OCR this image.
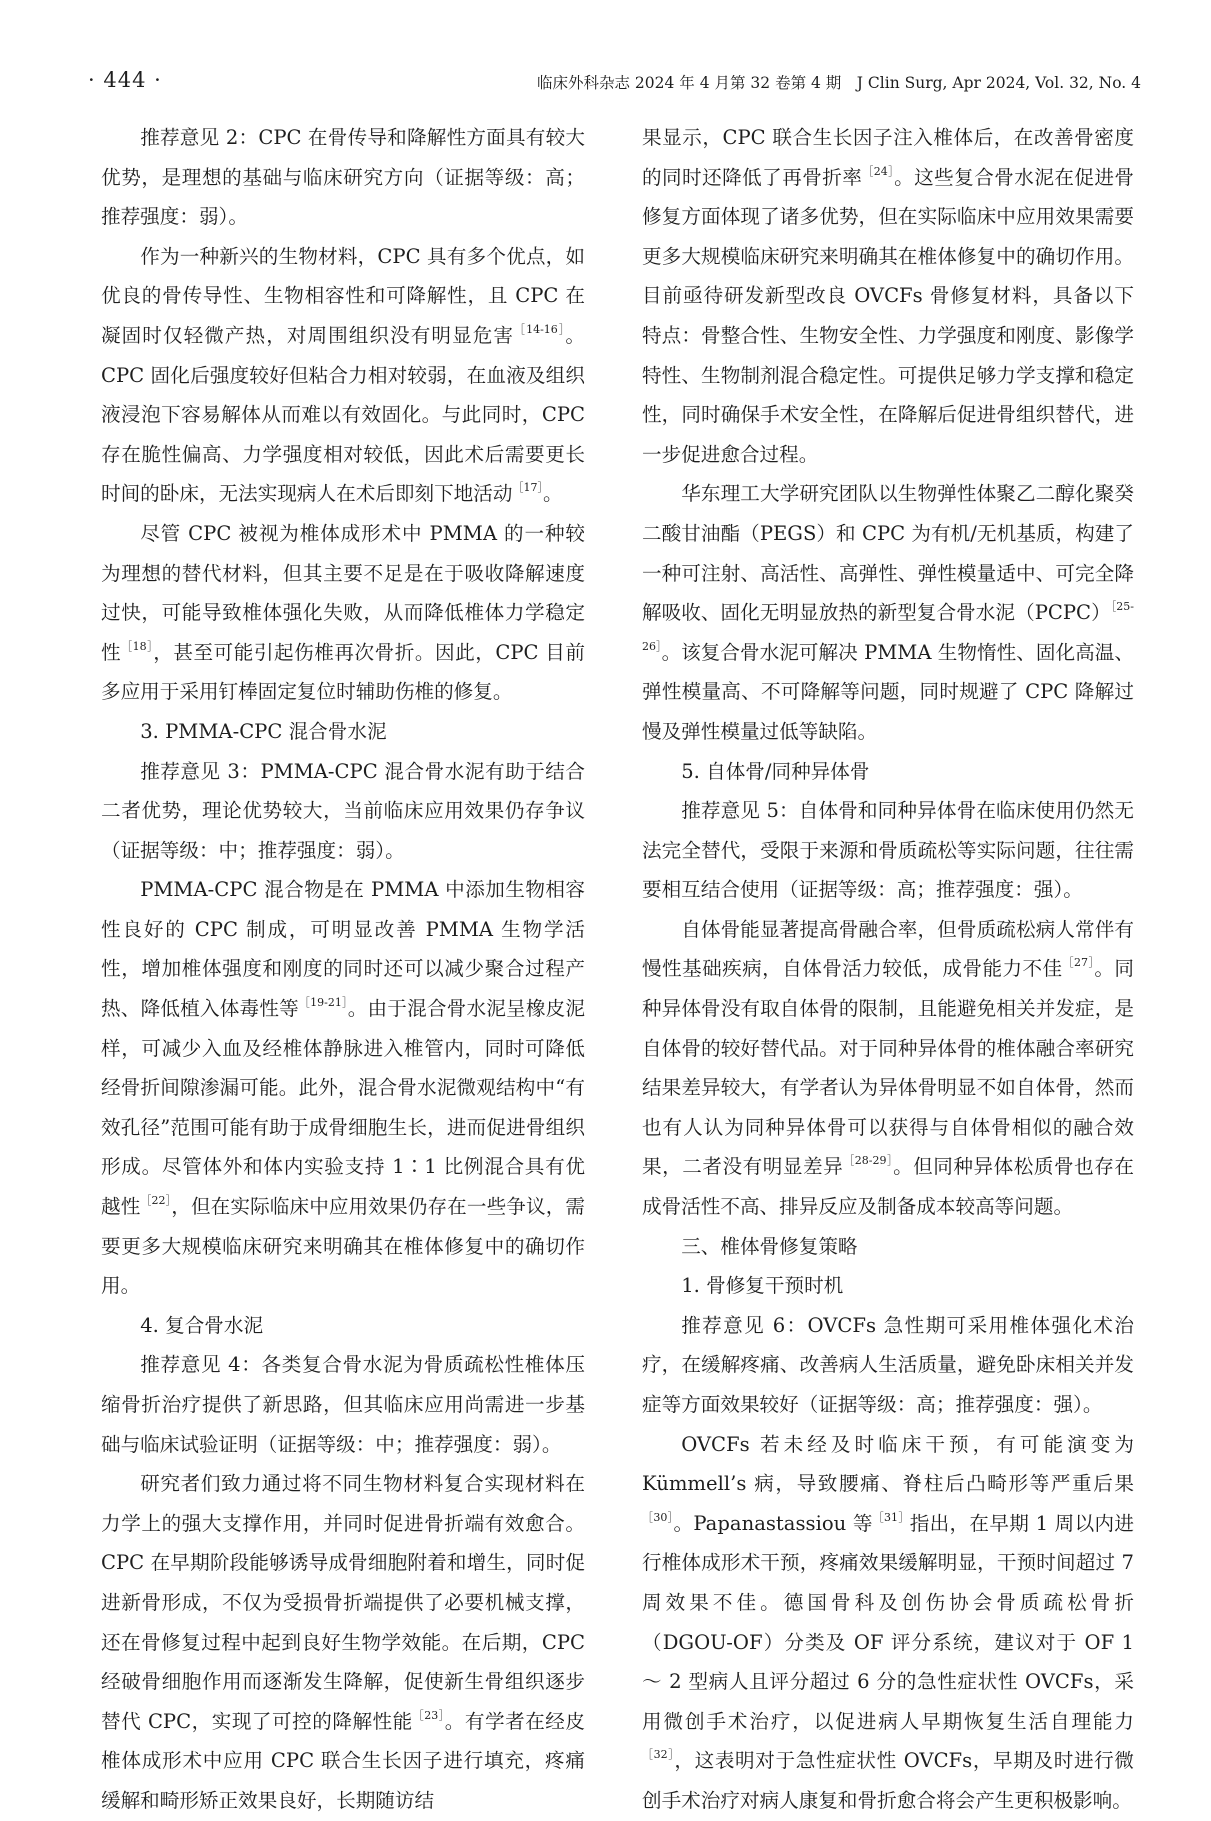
· 444 ·	临床外科杂志 2024 年 4 月第 32 卷第 4 期　J Clin Surg, Apr 2024, Vol. 32, No. 4

推荐意见 2：CPC 在骨传导和降解性方面具有较大优势，是理想的基础与临床研究方向（证据等级：高；推荐强度：弱）。

作为一种新兴的生物材料，CPC 具有多个优点，如优良的骨传导性、生物相容性和可降解性，且 CPC 在凝固时仅轻微产热，对周围组织没有明显危害$^{[14-16]}$。CPC 固化后强度较好但粘合力相对较弱，在血液及组织液浸泡下容易解体从而难以有效固化。与此同时，CPC 存在脆性偏高、力学强度相对较低，因此术后需要更长时间的卧床，无法实现病人在术后即刻下地活动$^{[17]}$。

尽管 CPC 被视为椎体成形术中 PMMA 的一种较为理想的替代材料，但其主要不足是在于吸收降解速度过快，可能导致椎体强化失败，从而降低椎体力学稳定性$^{[18]}$，甚至可能引起伤椎再次骨折。因此，CPC 目前多应用于采用钉棒固定复位时辅助伤椎的修复。

3. PMMA-CPC 混合骨水泥

推荐意见 3：PMMA-CPC 混合骨水泥有助于结合二者优势，理论优势较大，当前临床应用效果仍存争议（证据等级：中；推荐强度：弱）。

PMMA-CPC 混合物是在 PMMA 中添加生物相容性良好的 CPC 制成，可明显改善 PMMA 生物学活性，增加椎体强度和刚度的同时还可以减少聚合过程产热、降低植入体毒性等$^{[19-21]}$。由于混合骨水泥呈橡皮泥样，可减少入血及经椎体静脉进入椎管内，同时可降低经骨折间隙渗漏可能。此外，混合骨水泥微观结构中“有效孔径”范围可能有助于成骨细胞生长，进而促进骨组织形成。尽管体外和体内实验支持 1∶1 比例混合具有优越性$^{[22]}$，但在实际临床中应用效果仍存在一些争议，需要更多大规模临床研究来明确其在椎体修复中的确切作用。

4. 复合骨水泥

推荐意见 4：各类复合骨水泥为骨质疏松性椎体压缩骨折治疗提供了新思路，但其临床应用尚需进一步基础与临床试验证明（证据等级：中；推荐强度：弱）。

研究者们致力通过将不同生物材料复合实现材料在力学上的强大支撑作用，并同时促进骨折端有效愈合。CPC 在早期阶段能够诱导成骨细胞附着和增生，同时促进新骨形成，不仅为受损骨折端提供了必要机械支撑，还在骨修复过程中起到良好生物学效能。在后期，CPC 经破骨细胞作用而逐渐发生降解，促使新生骨组织逐步替代 CPC，实现了可控的降解性能$^{[23]}$。有学者在经皮椎体成形术中应用 CPC 联合生长因子进行填充，疼痛缓解和畸形矫正效果良好，长期随访结

果显示，CPC 联合生长因子注入椎体后，在改善骨密度的同时还降低了再骨折率$^{[24]}$。这些复合骨水泥在促进骨修复方面体现了诸多优势，但在实际临床中应用效果需要更多大规模临床研究来明确其在椎体修复中的确切作用。目前亟待研发新型改良 OVCFs 骨修复材料，具备以下特点：骨整合性、生物安全性、力学强度和刚度、影像学特性、生物制剂混合稳定性。可提供足够力学支撑和稳定性，同时确保手术安全性，在降解后促进骨组织替代，进一步促进愈合过程。

华东理工大学研究团队以生物弹性体聚乙二醇化聚癸二酸甘油酯（PEGS）和 CPC 为有机/无机基质，构建了一种可注射、高活性、高弹性、弹性模量适中、可完全降解吸收、固化无明显放热的新型复合骨水泥（PCPC）$^{[25-26]}$。该复合骨水泥可解决 PMMA 生物惰性、固化高温、弹性模量高、不可降解等问题，同时规避了 CPC 降解过慢及弹性模量过低等缺陷。

5. 自体骨/同种异体骨

推荐意见 5：自体骨和同种异体骨在临床使用仍然无法完全替代，受限于来源和骨质疏松等实际问题，往往需要相互结合使用（证据等级：高；推荐强度：强）。

自体骨能显著提高骨融合率，但骨质疏松病人常伴有慢性基础疾病，自体骨活力较低，成骨能力不佳$^{[27]}$。同种异体骨没有取自体骨的限制，且能避免相关并发症，是自体骨的较好替代品。对于同种异体骨的椎体融合率研究结果差异较大，有学者认为异体骨明显不如自体骨，然而也有人认为同种异体骨可以获得与自体骨相似的融合效果，二者没有明显差异$^{[28-29]}$。但同种异体松质骨也存在成骨活性不高、排异反应及制备成本较高等问题。

三、椎体骨修复策略

1. 骨修复干预时机

推荐意见 6：OVCFs 急性期可采用椎体强化术治疗，在缓解疼痛、改善病人生活质量，避免卧床相关并发症等方面效果较好（证据等级：高；推荐强度：强）。

OVCFs 若未经及时临床干预，有可能演变为 Kümmell’s 病，导致腰痛、脊柱后凸畸形等严重后果$^{[30]}$。Papanastassiou 等$^{[31]}$指出，在早期 1 周以内进行椎体成形术干预，疼痛效果缓解明显，干预时间超过 7 周效果不佳。德国骨科及创伤协会骨质疏松骨折（DGOU-OF）分类及 OF 评分系统，建议对于 OF 1 ～ 2 型病人且评分超过 6 分的急性症状性 OVCFs，采用微创手术治疗，以促进病人早期恢复生活自理能力$^{[32]}$，这表明对于急性症状性 OVCFs，早期及时进行微创手术治疗对病人康复和骨折愈合将会产生更积极影响。
